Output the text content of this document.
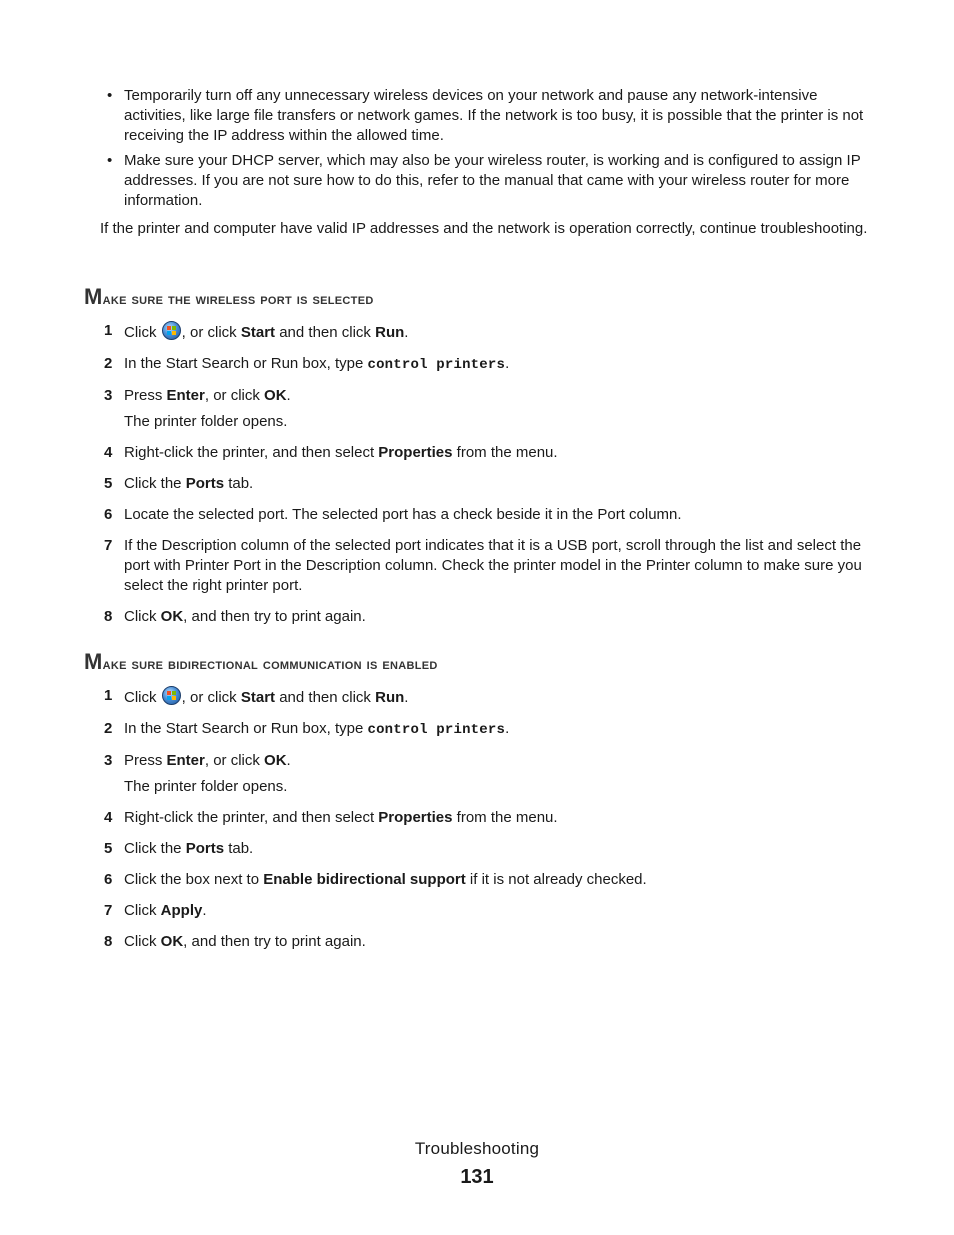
• Temporarily turn off any unnecessary wireless devices on your network and pause any network-intensive activities, like large file transfers or network games. If the network is too busy, it is possible that the printer is not receiving the IP address within the allowed time.
• Make sure your DHCP server, which may also be your wireless router, is working and is configured to assign IP addresses. If you are not sure how to do this, refer to the manual that came with your wireless router for more information.

If the printer and computer have valid IP addresses and the network is operation correctly, continue troubleshooting.

Make sure the wireless port is selected
1 Click , or click Start and then click Run.
2 In the Start Search or Run box, type control printers.
3 Press Enter, or click OK.
The printer folder opens.
4 Right-click the printer, and then select Properties from the menu.
5 Click the Ports tab.
6 Locate the selected port. The selected port has a check beside it in the Port column.
7 If the Description column of the selected port indicates that it is a USB port, scroll through the list and select the port with Printer Port in the Description column. Check the printer model in the Printer column to make sure you select the right printer port.
8 Click OK, and then try to print again.
Make sure bidirectional communication is enabled
1 Click , or click Start and then click Run.
2 In the Start Search or Run box, type control printers.
3 Press Enter, or click OK.
The printer folder opens.
4 Right-click the printer, and then select Properties from the menu.
5 Click the Ports tab.
6 Click the box next to Enable bidirectional support if it is not already checked.
7 Click Apply.
8 Click OK, and then try to print again.
Troubleshooting
131
